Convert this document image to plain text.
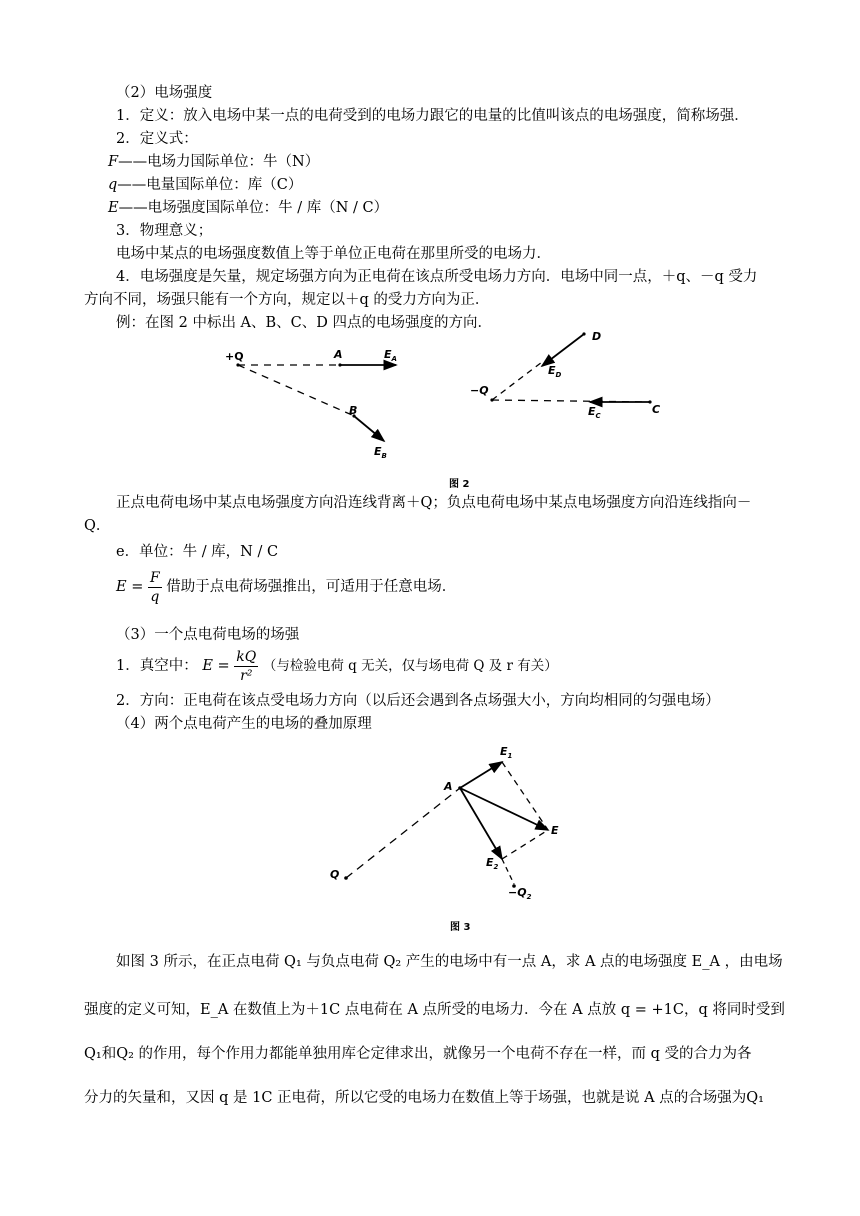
（2）电场强度
1．定义：放入电场中某一点的电荷受到的电场力跟它的电量的比值叫该点的电场强度，简称场强．
2．定义式：
F——电场力国际单位：牛（N）
q——电量国际单位：库（C）
E——电场强度国际单位：牛 / 库（N / C）
3．物理意义；
电场中某点的电场强度数值上等于单位正电荷在那里所受的电场力．
4．电场强度是矢量，规定场强方向为正电荷在该点所受电场力方向．电场中同一点，＋q、－q 受力
方向不同，场强只能有一个方向，规定以＋q 的受力方向为正．
例：在图 2 中标出 A、B、C、D 四点的电场强度的方向．
+Q	A	$E_A$
B
$E_B$
D
$E_D$
−Q
$E_C$	C
图 2
正点电荷电场中某点电场强度方向沿连线背离＋Q；负点电荷电场中某点电场强度方向沿连线指向－
Q．
e．单位：牛 / 库，N / C
$E = \frac{F}{q}$ 借助于点电荷场强推出，可适用于任意电场．
（3）一个点电荷电场的场强
1．真空中： $E = \frac{kQ}{\text{r²}}$ （与检验电荷 q 无关，仅与场电荷 Q 及 r 有关）
2．方向：正电荷在该点受电场力方向（以后还会遇到各点场强大小，方向均相同的匀强电场）
（4）两个点电荷产生的电场的叠加原理
$E_1$
A
E
Q
$E_2$
$-Q_2$
图 3
如图 3 所示，在正点电荷 Q₁ 与负点电荷 Q₂ 产生的电场中有一点 A，求 A 点的电场强度 E_A ，由电场
强度的定义可知，E_A 在数值上为＋1C 点电荷在 A 点所受的电场力．今在 A 点放 q = +1C，q 将同时受到
Q₁和Q₂ 的作用，每个作用力都能单独用库仑定律求出，就像另一个电荷不存在一样，而 q 受的合力为各
分力的矢量和，又因 q 是 1C 正电荷，所以它受的电场力在数值上等于场强，也就是说 A 点的合场强为Q₁
